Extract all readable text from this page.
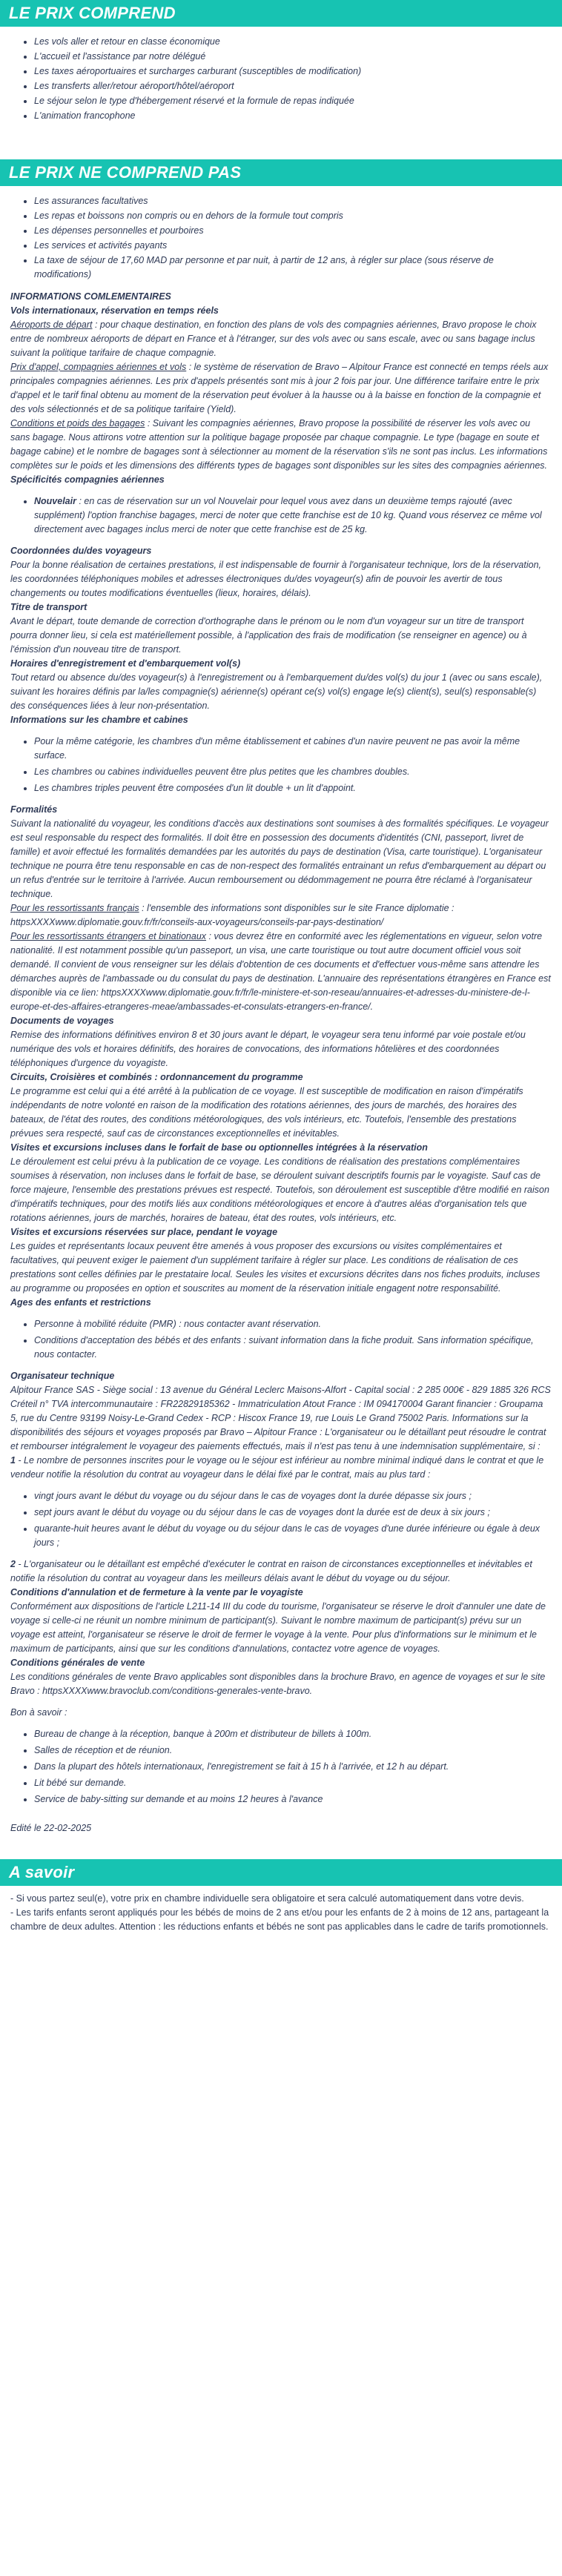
LE PRIX COMPREND
• Les vols aller et retour en classe économique
• L'accueil et l'assistance par notre délégué
• Les taxes aéroportuaires et surcharges carburant (susceptibles de modification)
• Les transferts aller/retour aéroport/hôtel/aéroport
• Le séjour selon le type d'hébergement réservé et la formule de repas indiquée
• L'animation francophone
LE PRIX NE COMPREND PAS
• Les assurances facultatives
• Les repas et boissons non compris ou en dehors de la formule tout compris
• Les dépenses personnelles et pourboires
• Les services et activités payants
• La taxe de séjour de 17,60 MAD par personne et par nuit, à partir de 12 ans, à régler sur place (sous réserve de modifications)

INFORMATIONS COMLEMENTAIRES

Vols internationaux, réservation en temps réels

Aéroports de départ : pour chaque destination, en fonction des plans de vols des compagnies aériennes, Bravo propose le choix entre de nombreux aéroports de départ en France et à l'étranger, sur des vols avec ou sans escale, avec ou sans bagage inclus suivant la politique tarifaire de chaque compagnie.

Prix d'appel, compagnies aériennes et vols : le système de réservation de Bravo – Alpitour France est connecté en temps réels aux principales compagnies aériennes. Les prix d'appels présentés sont mis à jour 2 fois par jour. Une différence tarifaire entre le prix d'appel et le tarif final obtenu au moment de la réservation peut évoluer à la hausse ou à la baisse en fonction de la compagnie et des vols sélectionnés et de sa politique tarifaire (Yield).

Conditions et poids des bagages : Suivant les compagnies aériennes, Bravo propose la possibilité de réserver les vols avec ou sans bagage. Nous attirons votre attention sur la politique bagage proposée par chaque compagnie. Le type (bagage en soute et bagage cabine) et le nombre de bagages sont à sélectionner au moment de la réservation s'ils ne sont pas inclus. Les informations complètes sur le poids et les dimensions des différents types de bagages sont disponibles sur les sites des compagnies aériennes.

Spécificités compagnies aériennes

• Nouvelair : en cas de réservation sur un vol Nouvelair pour lequel vous avez dans un deuxième temps rajouté (avec supplément) l'option franchise bagages, merci de noter que cette franchise est de 10 kg. Quand vous réservez ce même vol directement avec bagages inclus merci de noter que cette franchise est de 25 kg.

Coordonnées du/des voyageurs

Pour la bonne réalisation de certaines prestations, il est indispensable de fournir à l'organisateur technique, lors de la réservation, les coordonnées téléphoniques mobiles et adresses électroniques du/des voyageur(s) afin de pouvoir les avertir de tous changements ou toutes modifications éventuelles (lieux, horaires, délais).

Titre de transport

Avant le départ, toute demande de correction d'orthographe dans le prénom ou le nom d'un voyageur sur un titre de transport pourra donner lieu, si cela est matériellement possible, à l'application des frais de modification (se renseigner en agence) ou à l'émission d'un nouveau titre de transport.

Horaires d'enregistrement et d'embarquement vol(s)

Tout retard ou absence du/des voyageur(s) à l'enregistrement ou à l'embarquement du/des vol(s) du jour 1 (avec ou sans escale), suivant les horaires définis par la/les compagnie(s) aérienne(s) opérant ce(s) vol(s) engage le(s) client(s), seul(s) responsable(s) des conséquences liées à leur non-présentation.

Informations sur les chambre et cabines

• Pour la même catégorie, les chambres d'un même établissement et cabines d'un navire peuvent ne pas avoir la même surface.
• Les chambres ou cabines individuelles peuvent être plus petites que les chambres doubles.
• Les chambres triples peuvent être composées d'un lit double + un lit d'appoint.

Formalités

Suivant la nationalité du voyageur, les conditions d'accès aux destinations sont soumises à des formalités spécifiques. Le voyageur est seul responsable du respect des formalités. Il doit être en possession des documents d'identités (CNI, passeport, livret de famille) et avoir effectué les formalités demandées par les autorités du pays de destination (Visa, carte touristique). L'organisateur technique ne pourra être tenu responsable en cas de non-respect des formalités entrainant un refus d'embarquement au départ ou un refus d'entrée sur le territoire à l'arrivée. Aucun remboursement ou dédommagement ne pourra être réclamé à l'organisateur technique.

Pour les ressortissants français : l'ensemble des informations sont disponibles sur le site France diplomatie : httpsXXXXwww.diplomatie.gouv.fr/fr/conseils-aux-voyageurs/conseils-par-pays-destination/

Pour les ressortissants étrangers et binationaux : vous devrez être en conformité avec les réglementations en vigueur, selon votre nationalité. Il est notamment possible qu'un passeport, un visa, une carte touristique ou tout autre document officiel vous soit demandé. Il convient de vous renseigner sur les délais d'obtention de ces documents et d'effectuer vous-même sans attendre les démarches auprès de l'ambassade ou du consulat du pays de destination. L'annuaire des représentations étrangères en France est disponible via ce lien: httpsXXXXwww.diplomatie.gouv.fr/fr/le-ministere-et-son-reseau/annuaires-et-adresses-du-ministere-de-l-europe-et-des-affaires-etrangeres-meae/ambassades-et-consulats-etrangers-en-france/.

Documents de voyages

Remise des informations définitives environ 8 et 30 jours avant le départ, le voyageur sera tenu informé par voie postale et/ou numérique des vols et horaires définitifs, des horaires de convocations, des informations hôtelières et des coordonnées téléphoniques d'urgence du voyagiste.

Circuits, Croisières et combinés : ordonnancement du programme

Le programme est celui qui a été arrêté à la publication de ce voyage. Il est susceptible de modification en raison d'impératifs indépendants de notre volonté en raison de la modification des rotations aériennes, des jours de marchés, des horaires des bateaux, de l'état des routes, des conditions météorologiques, des vols intérieurs, etc. Toutefois, l'ensemble des prestations prévues sera respecté, sauf cas de circonstances exceptionnelles et inévitables.

Visites et excursions incluses dans le forfait de base ou optionnelles intégrées à la réservation

Le déroulement est celui prévu à la publication de ce voyage. Les conditions de réalisation des prestations complémentaires soumises à réservation, non incluses dans le forfait de base, se déroulent suivant descriptifs fournis par le voyagiste. Sauf cas de force majeure, l'ensemble des prestations prévues est respecté. Toutefois, son déroulement est susceptible d'être modifié en raison d'impératifs techniques, pour des motifs liés aux conditions météorologiques et encore à d'autres aléas d'organisation tels que rotations aériennes, jours de marchés, horaires de bateau, état des routes, vols intérieurs, etc.

Visites et excursions réservées sur place, pendant le voyage

Les guides et représentants locaux peuvent être amenés à vous proposer des excursions ou visites complémentaires et facultatives, qui peuvent exiger le paiement d'un supplément tarifaire à régler sur place. Les conditions de réalisation de ces prestations sont celles définies par le prestataire local. Seules les visites et excursions décrites dans nos fiches produits, incluses au programme ou proposées en option et souscrites au moment de la réservation initiale engagent notre responsabilité.

Ages des enfants et restrictions

• Personne à mobilité réduite (PMR) : nous contacter avant réservation.
• Conditions d'acceptation des bébés et des enfants : suivant information dans la fiche produit. Sans information spécifique, nous contacter.

Organisateur technique

Alpitour France SAS - Siège social : 13 avenue du Général Leclerc Maisons-Alfort - Capital social : 2 285 000€ - 829 1885 326 RCS Créteil n° TVA intercommunautaire : FR22829185362 - Immatriculation Atout France : IM 094170004 Garant financier : Groupama 5, rue du Centre 93199 Noisy-Le-Grand Cedex - RCP : Hiscox France 19, rue Louis Le Grand 75002 Paris. Informations sur la disponibilités des séjours et voyages proposés par Bravo – Alpitour France : L'organisateur ou le détaillant peut résoudre le contrat et rembourser intégralement le voyageur des paiements effectués, mais il n'est pas tenu à une indemnisation supplémentaire, si :

1 - Le nombre de personnes inscrites pour le voyage ou le séjour est inférieur au nombre minimal indiqué dans le contrat et que le vendeur notifie la résolution du contrat au voyageur dans le délai fixé par le contrat, mais au plus tard :

• vingt jours avant le début du voyage ou du séjour dans le cas de voyages dont la durée dépasse six jours ;
• sept jours avant le début du voyage ou du séjour dans le cas de voyages dont la durée est de deux à six jours ;
• quarante-huit heures avant le début du voyage ou du séjour dans le cas de voyages d'une durée inférieure ou égale à deux jours ;

2 - L'organisateur ou le détaillant est empêché d'exécuter le contrat en raison de circonstances exceptionnelles et inévitables et notifie la résolution du contrat au voyageur dans les meilleurs délais avant le début du voyage ou du séjour.

Conditions d'annulation et de fermeture à la vente par le voyagiste

Conformément aux dispositions de l'article L211-14 III du code du tourisme, l'organisateur se réserve le droit d'annuler une date de voyage si celle-ci ne réunit un nombre minimum de participant(s). Suivant le nombre maximum de participant(s) prévu sur un voyage est atteint, l'organisateur se réserve le droit de fermer le voyage à la vente. Pour plus d'informations sur le minimum et le maximum de participants, ainsi que sur les conditions d'annulations, contactez votre agence de voyages.

Conditions générales de vente

Les conditions générales de vente Bravo applicables sont disponibles dans la brochure Bravo, en agence de voyages et sur le site Bravo : httpsXXXXwww.bravoclub.com/conditions-generales-vente-bravo.

Bon à savoir :

• Bureau de change à la réception, banque à 200m et distributeur de billets à 100m.
• Salles de réception et de réunion.
• Dans la plupart des hôtels internationaux, l'enregistrement se fait à 15 h à l'arrivée, et 12 h au départ.
• Lit bébé sur demande.
• Service de baby-sitting sur demande et au moins 12 heures à l'avance

Edité le 22-02-2025

A savoir

- Si vous partez seul(e), votre prix en chambre individuelle sera obligatoire et sera calculé automatiquement dans votre devis.

- Les tarifs enfants seront appliqués pour les bébés de moins de 2 ans et/ou pour les enfants de 2 à moins de 12 ans, partageant la chambre de deux adultes. Attention : les réductions enfants et bébés ne sont pas applicables dans le cadre de tarifs promotionnels.
